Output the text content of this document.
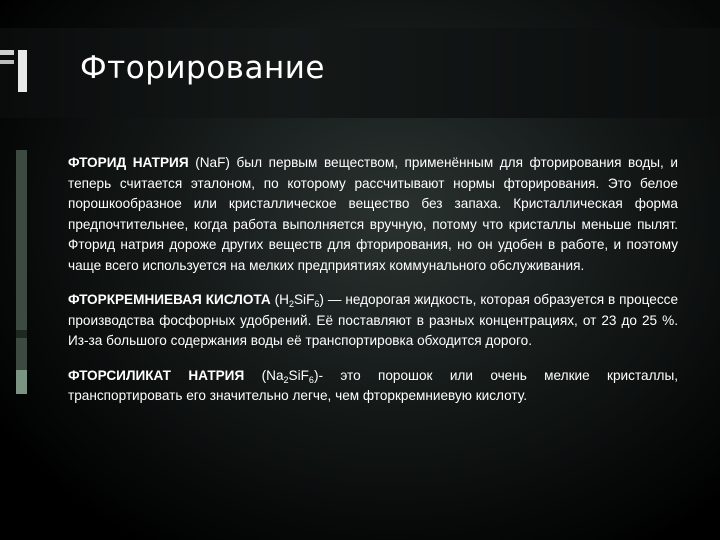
Фторирование

ФТОРИД НАТРИЯ (NaF) был первым веществом, применённым для фторирования воды, и теперь считается эталоном, по которому рассчитывают нормы фторирования. Это белое порошкообразное или кристаллическое вещество без запаха. Кристаллическая форма предпочтительнее, когда работа выполняется вручную, потому что кристаллы меньше пылят. Фторид натрия дороже других веществ для фторирования, но он удобен в работе, и поэтому чаще всего используется на мелких предприятиях коммунального обслуживания.

ФТОРКРЕМНИЕВАЯ КИСЛОТА $(H_2SiF_6)$ — недорогая жидкость, которая образуется в процессе производства фосфорных удобрений. Её поставляют в разных концентрациях, от 23 до 25 %. Из-за большого содержания воды её транспортировка обходится дорого.

ФТОРСИЛИКАТ НАТРИЯ $(Na_2SiF_6)-$ это порошок или очень мелкие кристаллы, транспортировать его значительно легче, чем фторкремниевую кислоту.
